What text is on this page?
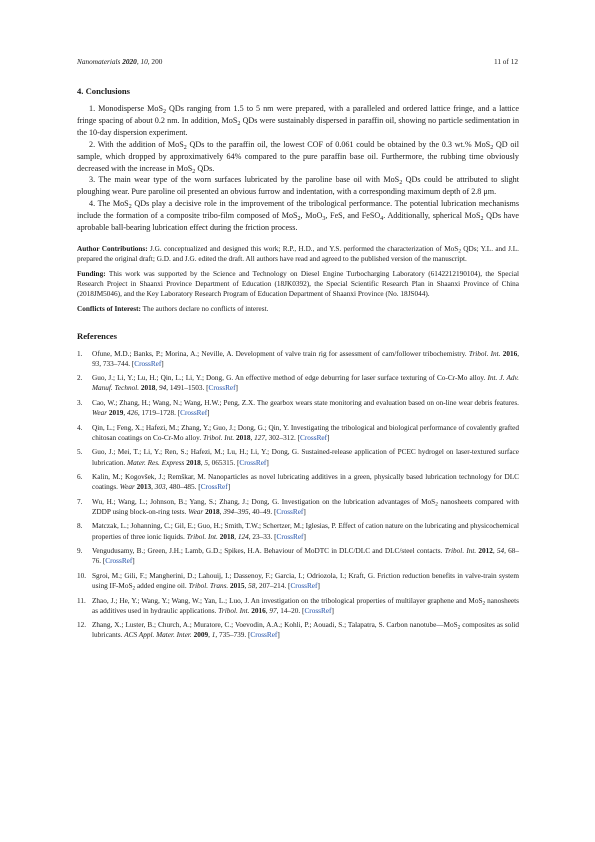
Nanomaterials 2020, 10, 200	11 of 12
4. Conclusions

1. Monodisperse MoS$_2$ QDs ranging from 1.5 to 5 nm were prepared, with a paralleled and ordered lattice fringe, and a lattice fringe spacing of about 0.2 nm. In addition, MoS$_2$ QDs were sustainably dispersed in paraffin oil, showing no particle sedimentation in the 10-day dispersion experiment.

2. With the addition of MoS$_2$ QDs to the paraffin oil, the lowest COF of 0.061 could be obtained by the 0.3 wt.% MoS$_2$ QD oil sample, which dropped by approximatively 64% compared to the pure paraffin base oil. Furthermore, the rubbing time obviously decreased with the increase in MoS$_2$ QDs.

3. The main wear type of the worn surfaces lubricated by the paroline base oil with MoS$_2$ QDs could be attributed to slight ploughing wear. Pure paroline oil presented an obvious furrow and indentation, with a corresponding maximum depth of 2.8 μm.

4. The MoS$_2$ QDs play a decisive role in the improvement of the tribological performance. The potential lubrication mechanisms include the formation of a composite tribo-film composed of MoS$_2$, MoO$_3$, FeS, and FeSO$_4$. Additionally, spherical MoS$_2$ QDs have aprobable ball-bearing lubrication effect during the friction process.

Author Contributions: J.G. conceptualized and designed this work; R.P., H.D., and Y.S. performed the characterization of MoS$_2$ QDs; Y.L. and J.L. prepared the original draft; G.D. and J.G. edited the draft. All authors have read and agreed to the published version of the manuscript.

Funding: This work was supported by the Science and Technology on Diesel Engine Turbocharging Laboratory (6142212190104), the Special Research Project in Shaanxi Province Department of Education (18JK0392), the Special Scientific Research Plan in Shaanxi Province of China (2018JM5046), and the Key Laboratory Research Program of Education Department of Shaanxi Province (No. 18JS044).

Conflicts of Interest: The authors declare no conflicts of interest.

References
1. Ofune, M.D.; Banks, P.; Morina, A.; Neville, A. Development of valve train rig for assessment of cam/follower tribochemistry. Tribol. Int. 2016, 93, 733–744. [CrossRef]
2. Guo, J.; Li, Y.; Lu, H.; Qin, L.; Li, Y.; Dong, G. An effective method of edge deburring for laser surface texturing of Co-Cr-Mo alloy. Int. J. Adv. Manuf. Technol. 2018, 94, 1491–1503. [CrossRef]
3. Cao, W.; Zhang, H.; Wang, N.; Wang, H.W.; Peng, Z.X. The gearbox wears state monitoring and evaluation based on on-line wear debris features. Wear 2019, 426, 1719–1728. [CrossRef]
4. Qin, L.; Feng, X.; Hafezi, M.; Zhang, Y.; Guo, J.; Dong, G.; Qin, Y. Investigating the tribological and biological performance of covalently grafted chitosan coatings on Co-Cr-Mo alloy. Tribol. Int. 2018, 127, 302–312. [CrossRef]
5. Guo, J.; Mei, T.; Li, Y.; Ren, S.; Hafezi, M.; Lu, H.; Li, Y.; Dong, G. Sustained-release application of PCEC hydrogel on laser-textured surface lubrication. Mater. Res. Express 2018, 5, 065315. [CrossRef]
6. Kalin, M.; Kogovšek, J.; Remškar, M. Nanoparticles as novel lubricating additives in a green, physically based lubrication technology for DLC coatings. Wear 2013, 303, 480–485. [CrossRef]
7. Wu, H.; Wang, L.; Johnson, B.; Yang, S.; Zhang, J.; Dong, G. Investigation on the lubrication advantages of MoS$_2$ nanosheets compared with ZDDP using block-on-ring tests. Wear 2018, 394–395, 40–49. [CrossRef]
8. Matczak, L.; Johanning, C.; Gil, E.; Guo, H.; Smith, T.W.; Schertzer, M.; Iglesias, P. Effect of cation nature on the lubricating and physicochemical properties of three ionic liquids. Tribol. Int. 2018, 124, 23–33. [CrossRef]
9. Vengudusamy, B.; Green, J.H.; Lamb, G.D.; Spikes, H.A. Behaviour of MoDTC in DLC/DLC and DLC/steel contacts. Tribol. Int. 2012, 54, 68–76. [CrossRef]
10. Sgroi, M.; Gili, F.; Mangherini, D.; Lahouij, I.; Dassenoy, F.; Garcia, I.; Odriozola, I.; Kraft, G. Friction reduction benefits in valve-train system using IF-MoS$_2$ added engine oil. Tribol. Trans. 2015, 58, 207–214. [CrossRef]
11. Zhao, J.; He, Y.; Wang, Y.; Wang, W.; Yan, L.; Luo, J. An investigation on the tribological properties of multilayer graphene and MoS$_2$ nanosheets as additives used in hydraulic applications. Tribol. Int. 2016, 97, 14–20. [CrossRef]
12. Zhang, X.; Luster, B.; Church, A.; Muratore, C.; Voevodin, A.A.; Kohli, P.; Aouadi, S.; Talapatra, S. Carbon nanotube—MoS$_2$ composites as solid lubricants. ACS Appl. Mater. Inter. 2009, 1, 735–739. [CrossRef]
